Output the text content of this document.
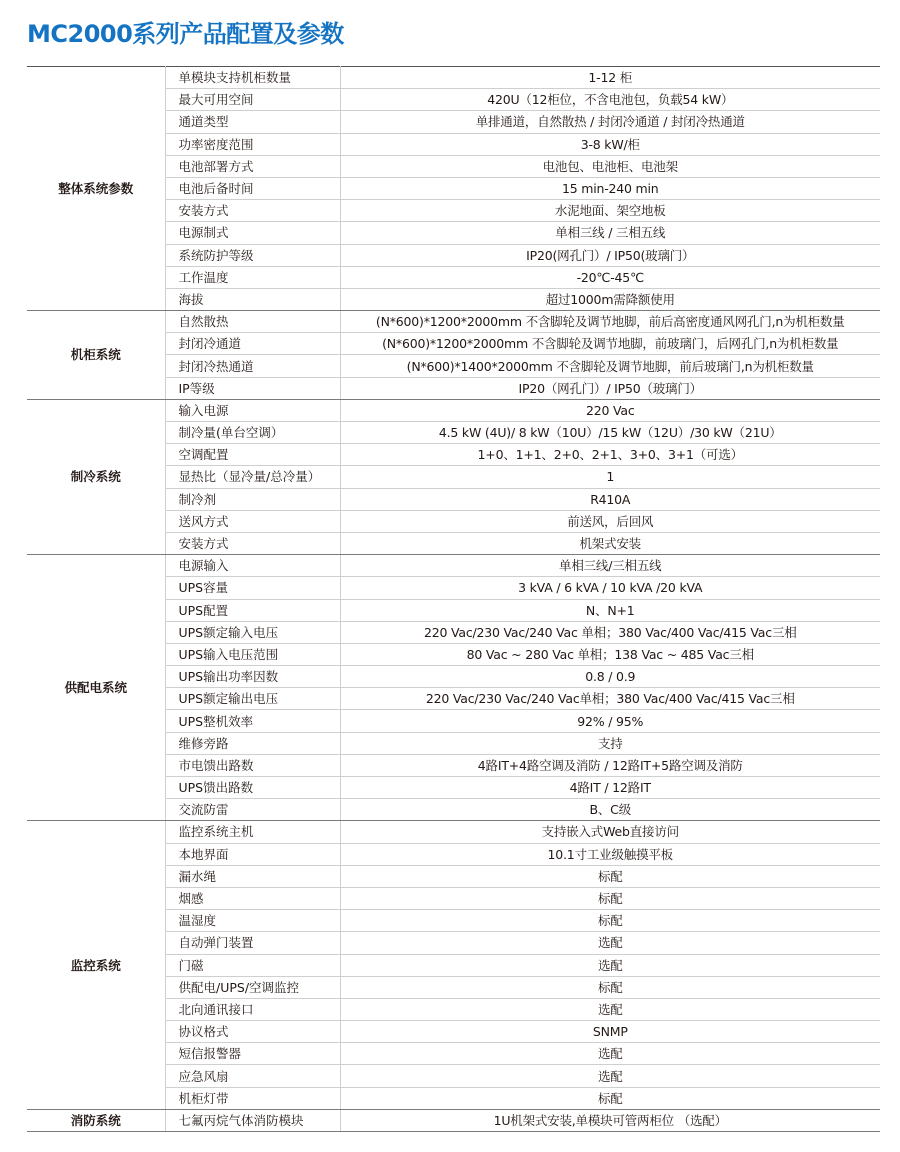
MC2000系列产品配置及参数
整体系统参数	单模块支持机柜数量	1-12 柜
	最大可用空间	420U（12柜位，不含电池包，负载54 kW）
	通道类型	单排通道，自然散热 / 封闭冷通道 / 封闭冷热通道
	功率密度范围	3-8 kW/柜
	电池部署方式	电池包、电池柜、电池架
	电池后备时间	15 min-240 min
	安装方式	水泥地面、架空地板
	电源制式	单相三线 / 三相五线
	系统防护等级	IP20(网孔门）/ IP50(玻璃门）
	工作温度	-20℃-45℃
	海拔	超过1000m需降额使用
机柜系统	自然散热	(N*600)*1200*2000mm 不含脚轮及调节地脚，前后高密度通风网孔门,n为机柜数量
	封闭冷通道	(N*600)*1200*2000mm 不含脚轮及调节地脚，前玻璃门，后网孔门,n为机柜数量
	封闭冷热通道	(N*600)*1400*2000mm 不含脚轮及调节地脚，前后玻璃门,n为机柜数量
	IP等级	IP20（网孔门）/ IP50（玻璃门）
制冷系统	输入电源	220 Vac
	制冷量(单台空调）	4.5 kW (4U)/ 8 kW（10U）/15 kW（12U）/30 kW（21U）
	空调配置	1+0、1+1、2+0、2+1、3+0、3+1（可选）
	显热比（显冷量/总冷量）	1
	制冷剂	R410A
	送风方式	前送风，后回风
	安装方式	机架式安装
供配电系统	电源输入	单相三线/三相五线
	UPS容量	3 kVA / 6 kVA / 10 kVA /20 kVA
	UPS配置	N、N+1
	UPS额定输入电压	220 Vac/230 Vac/240 Vac 单相；380 Vac/400 Vac/415 Vac三相
	UPS输入电压范围	80 Vac ~ 280 Vac 单相；138 Vac ~ 485 Vac三相
	UPS输出功率因数	0.8 / 0.9
	UPS额定输出电压	220 Vac/230 Vac/240 Vac单相；380 Vac/400 Vac/415 Vac三相
	UPS整机效率	92% / 95%
	维修旁路	支持
	市电馈出路数	4路IT+4路空调及消防 / 12路IT+5路空调及消防
	UPS馈出路数	4路IT / 12路IT
	交流防雷	B、C级
监控系统	监控系统主机	支持嵌入式Web直接访问
	本地界面	10.1寸工业级触摸平板
	漏水绳	标配
	烟感	标配
	温湿度	标配
	自动弹门装置	选配
	门磁	选配
	供配电/UPS/空调监控	标配
	北向通讯接口	选配
	协议格式	SNMP
	短信报警器	选配
	应急风扇	选配
	机柜灯带	标配
消防系统	七氟丙烷气体消防模块	1U机架式安装,单模块可管两柜位 （选配）
